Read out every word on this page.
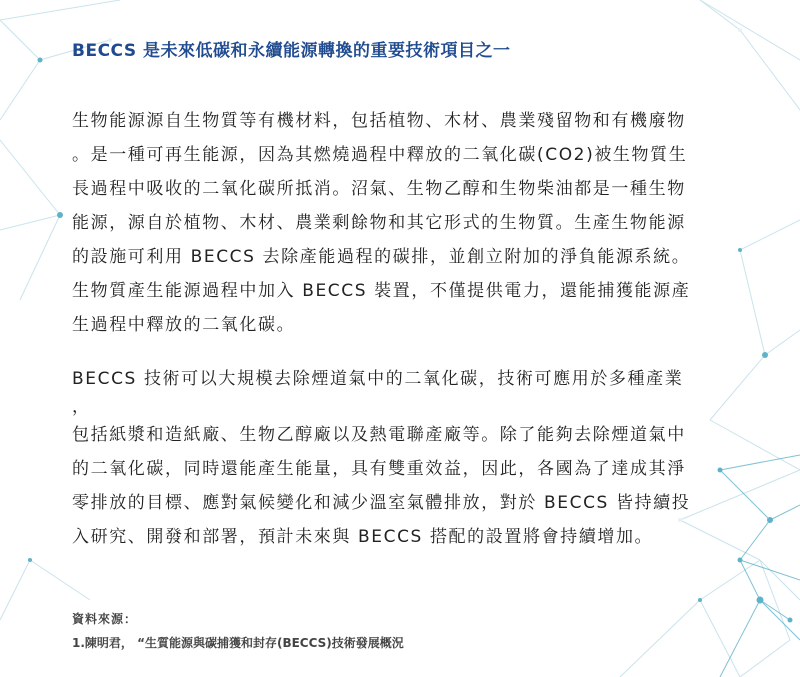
BECCS 是未來低碳和永續能源轉換的重要技術項目之一
生物能源源自生物質等有機材料，包括植物、木材、農業殘留物和有機廢物
。是一種可再生能源，因為其燃燒過程中釋放的二氧化碳(CO2)被生物質生
長過程中吸收的二氧化碳所抵消。沼氣、生物乙醇和生物柴油都是一種生物
能源，源自於植物、木材、農業剩餘物和其它形式的生物質。生產生物能源
的設施可利用 BECCS 去除產能過程的碳排，並創立附加的淨負能源系統。
生物質產生能源過程中加入 BECCS 裝置，不僅提供電力，還能捕獲能源產
生過程中釋放的二氧化碳。
BECCS 技術可以大規模去除煙道氣中的二氧化碳，技術可應用於多種產業
，
包括紙漿和造紙廠、生物乙醇廠以及熱電聯產廠等。除了能夠去除煙道氣中
的二氧化碳，同時還能產生能量，具有雙重效益，因此，各國為了達成其淨
零排放的目標、應對氣候變化和減少溫室氣體排放，對於 BECCS 皆持續投
入研究、開發和部署，預計未來與 BECCS 搭配的設置將會持續增加。
資料來源：
1.陳明君， “生質能源與碳捕獲和封存(BECCS)技術發展概況
